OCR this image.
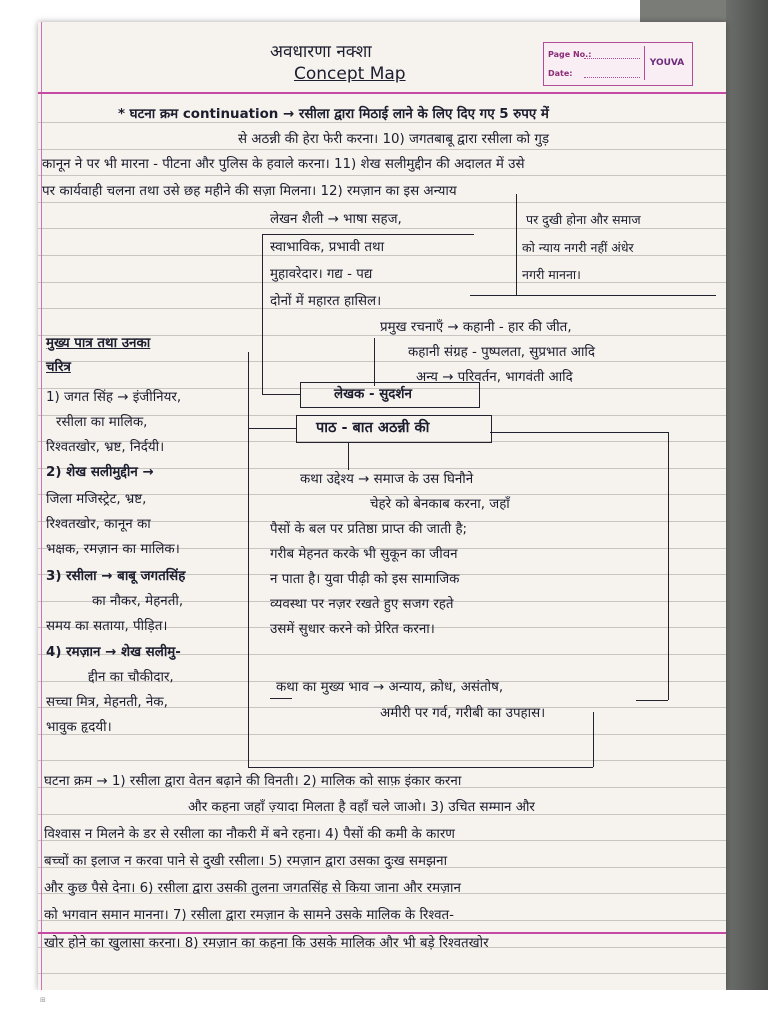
अवधारणा नक्शा
Concept Map
Page No.:
Date:
YOUVA
* घटना क्रम continuation → रसीला द्वारा मिठाई लाने के लिए दिए गए 5 रुपए में
से अठन्नी की हेरा फेरी करना। 10) जगतबाबू द्वारा रसीला को गुड़
कानून ने पर भी मारना - पीटना और पुलिस के हवाले करना। 11) शेख सलीमुद्दीन की अदालत में उसे
पर कार्यवाही चलना तथा उसे छह महीने की सज़ा मिलना। 12) रमज़ान का इस अन्याय
लेखन शैली → भाषा सहज,
स्वाभाविक, प्रभावी तथा
मुहावरेदार। गद्य - पद्य
दोनों में महारत हासिल।
पर दुखी होना और समाज
को न्याय नगरी नहीं अंधेर
नगरी मानना।
प्रमुख रचनाएँ → कहानी - हार की जीत,
कहानी संग्रह - पुष्पलता, सुप्रभात आदि
अन्य → परिवर्तन, भागवंती आदि
लेखक - सुदर्शन
पाठ - बात अठन्नी की
मुख्य पात्र तथा उनका
चरित्र
1) जगत सिंह → इंजीनियर,
रसीला का मालिक,
रिश्वतखोर, भ्रष्ट, निर्दयी।
2) शेख सलीमुद्दीन →
जिला मजिस्ट्रेट, भ्रष्ट,
रिश्वतखोर, कानून का
भक्षक, रमज़ान का मालिक।
3) रसीला → बाबू जगतसिंह
का नौकर, मेहनती,
समय का सताया, पीड़ित।
4) रमज़ान → शेख सलीमु-
द्दीन का चौकीदार,
सच्चा मित्र, मेहनती, नेक,
भावुक हृदयी।
कथा उद्देश्य → समाज के उस घिनौने
चेहरे को बेनकाब करना, जहाँ
पैसों के बल पर प्रतिष्ठा प्राप्त की जाती है;
गरीब मेहनत करके भी सुकून का जीवन
न पाता है। युवा पीढ़ी को इस सामाजिक
व्यवस्था पर नज़र रखते हुए सजग रहते
उसमें सुधार करने को प्रेरित करना।
कथा का मुख्य भाव → अन्याय, क्रोध, असंतोष,
अमीरी पर गर्व, गरीबी का उपहास।
घटना क्रम → 1) रसीला द्वारा वेतन बढ़ाने की विनती। 2) मालिक को साफ़ इंकार करना
और कहना जहाँ ज़्यादा मिलता है वहाँ चले जाओ। 3) उचित सम्मान और
विश्वास न मिलने के डर से रसीला का नौकरी में बने रहना। 4) पैसों की कमी के कारण
बच्चों का इलाज न करवा पाने से दुखी रसीला। 5) रमज़ान द्वारा उसका दुःख समझना
और कुछ पैसे देना। 6) रसीला द्वारा उसकी तुलना जगतसिंह से किया जाना और रमज़ान
को भगवान समान मानना। 7) रसीला द्वारा रमज़ान के सामने उसके मालिक के रिश्वत-
खोर होने का खुलासा करना। 8) रमज़ान का कहना कि उसके मालिक और भी बड़े रिश्वतखोर
⊞
